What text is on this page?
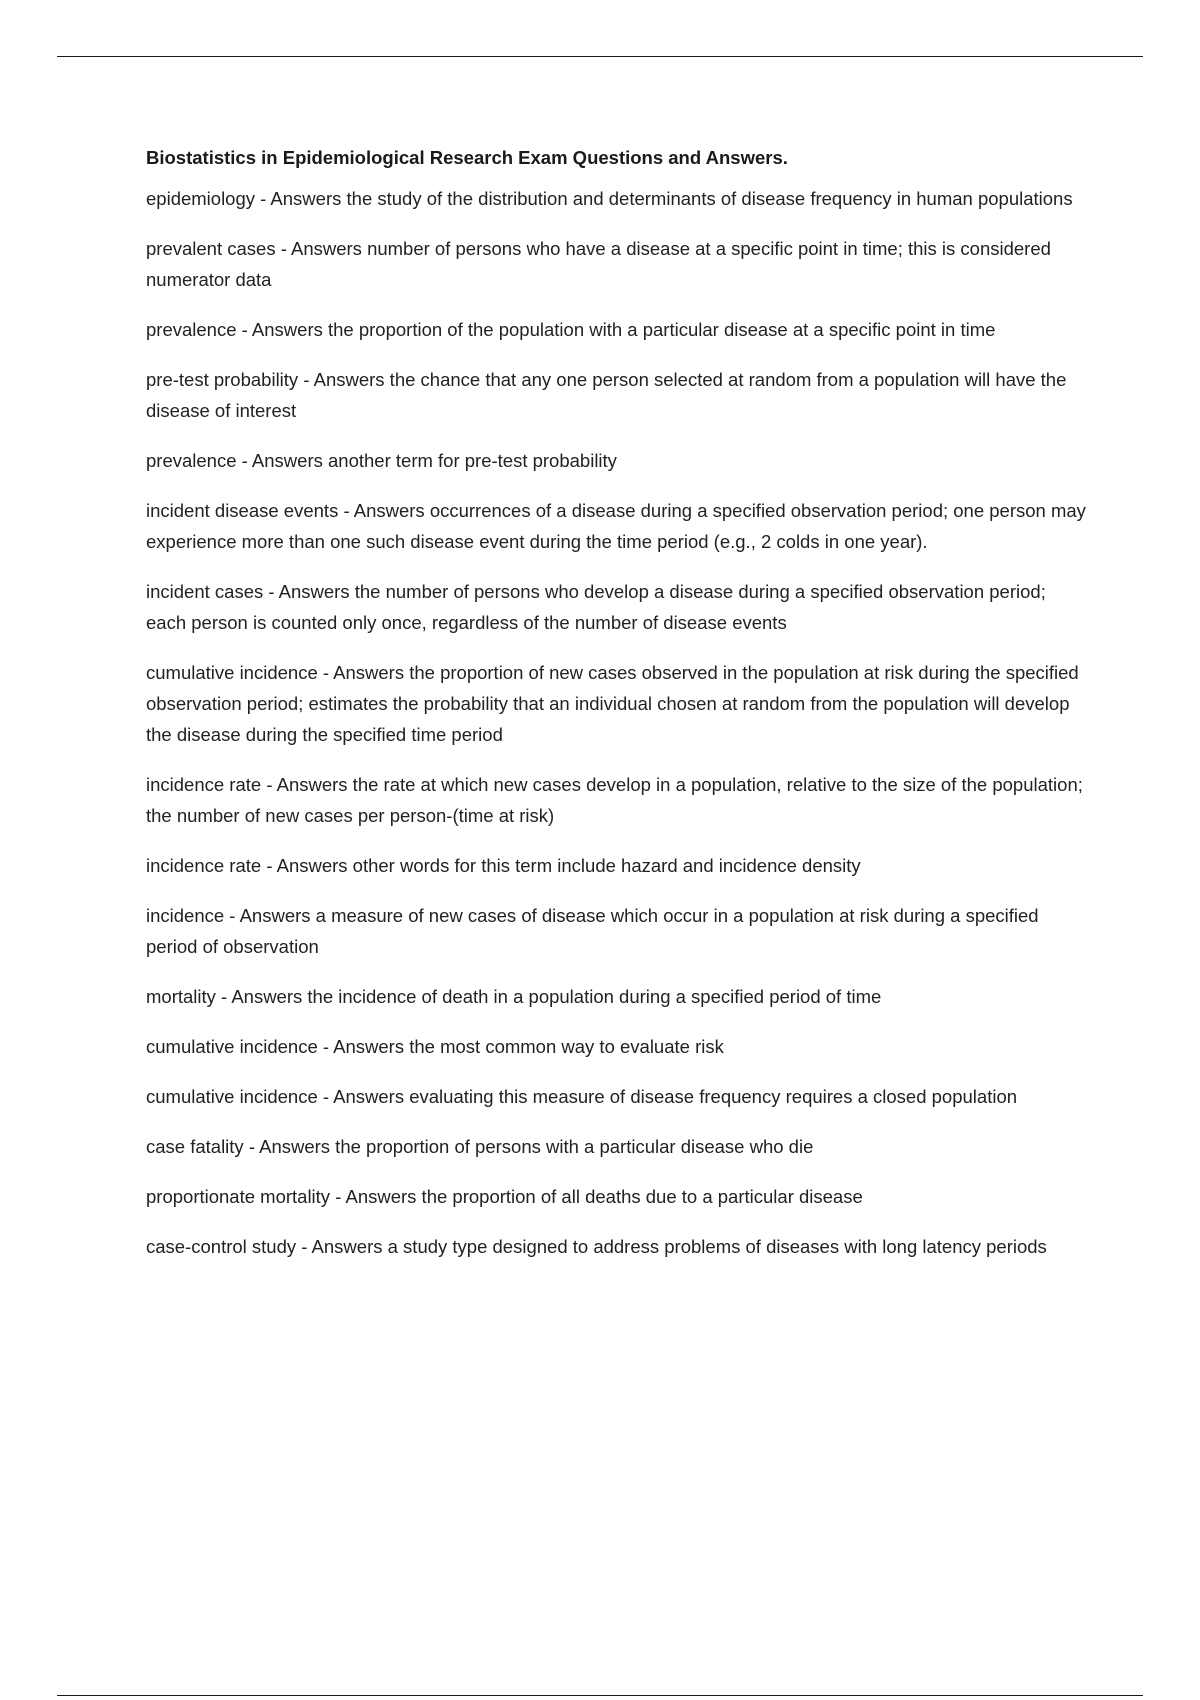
Biostatistics in Epidemiological Research Exam Questions and Answers.

epidemiology - Answers the study of the distribution and determinants of disease frequency in human populations

prevalent cases - Answers number of persons who have a disease at a specific point in time; this is considered numerator data

prevalence - Answers the proportion of the population with a particular disease at a specific point in time

pre-test probability - Answers the chance that any one person selected at random from a population will have the disease of interest

prevalence - Answers another term for pre-test probability

incident disease events - Answers occurrences of a disease during a specified observation period; one person may experience more than one such disease event during the time period (e.g., 2 colds in one year).

incident cases - Answers the number of persons who develop a disease during a specified observation period; each person is counted only once, regardless of the number of disease events

cumulative incidence - Answers the proportion of new cases observed in the population at risk during the specified observation period; estimates the probability that an individual chosen at random from the population will develop the disease during the specified time period

incidence rate - Answers the rate at which new cases develop in a population, relative to the size of the population; the number of new cases per person-(time at risk)

incidence rate - Answers other words for this term include hazard and incidence density

incidence - Answers a measure of new cases of disease which occur in a population at risk during a specified period of observation

mortality - Answers the incidence of death in a population during a specified period of time

cumulative incidence - Answers the most common way to evaluate risk

cumulative incidence - Answers evaluating this measure of disease frequency requires a closed population

case fatality - Answers the proportion of persons with a particular disease who die

proportionate mortality - Answers the proportion of all deaths due to a particular disease

case-control study - Answers a study type designed to address problems of diseases with long latency periods
